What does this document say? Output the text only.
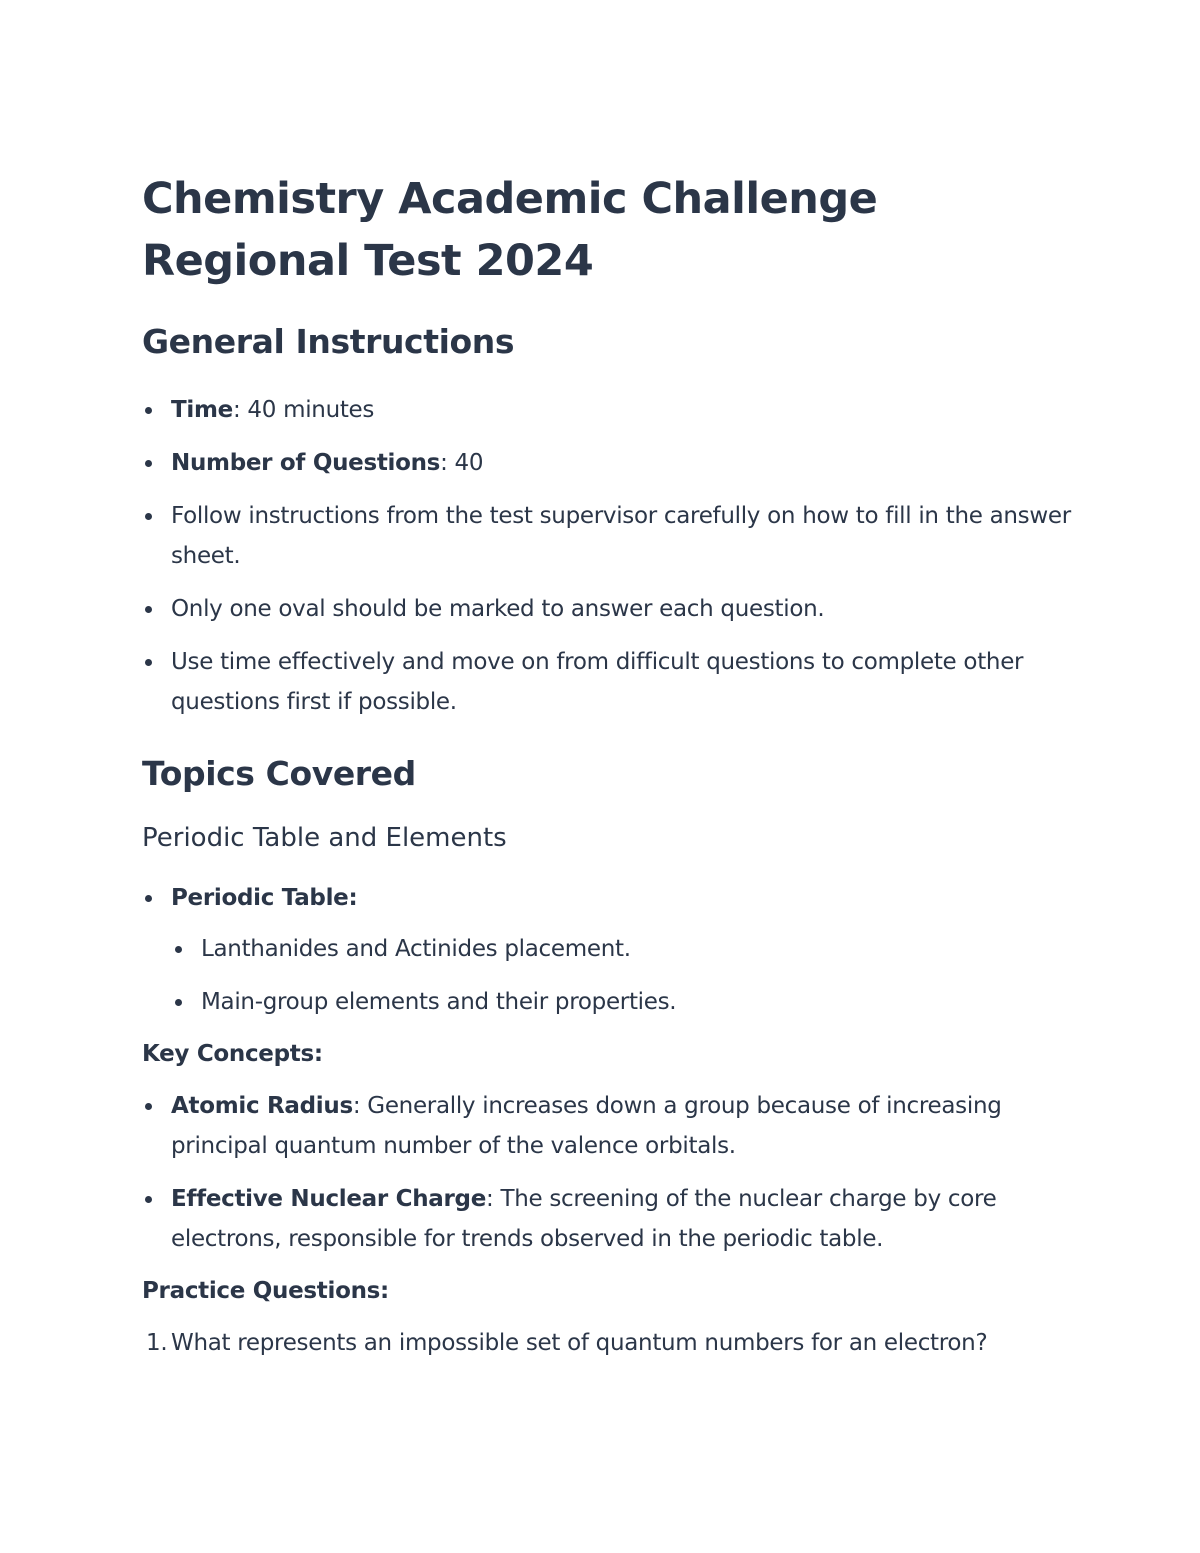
Chemistry Academic Challenge
Regional Test 2024
General Instructions
Time: 40 minutes
Number of Questions: 40
Follow instructions from the test supervisor carefully on how to fill in the answer sheet.
Only one oval should be marked to answer each question.
Use time effectively and move on from difficult questions to complete other questions first if possible.
Topics Covered
Periodic Table and Elements
Periodic Table:
Lanthanides and Actinides placement.
Main-group elements and their properties.
Key Concepts:
Atomic Radius: Generally increases down a group because of increasing principal quantum number of the valence orbitals.
Effective Nuclear Charge: The screening of the nuclear charge by core electrons, responsible for trends observed in the periodic table.
Practice Questions:
1. What represents an impossible set of quantum numbers for an electron?
